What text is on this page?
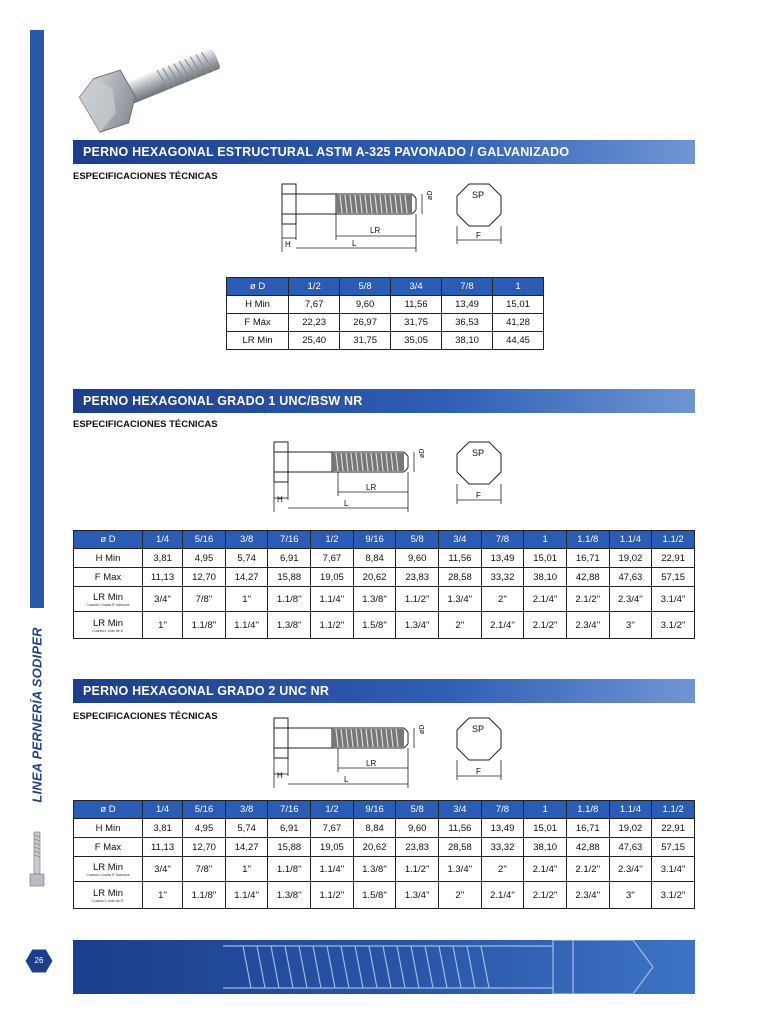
LINEA PERNERÍA SODIPER
PERNO HEXAGONAL ESTRUCTURAL ASTM A-325 PAVONADO / GALVANIZADO
ESPECIFICACIONES TÉCNICAS
H	L
LR
øD	SP
F
ø D	1/2	5/8	3/4	7/8	1
H Min	7,67	9,60	11,56	13,49	15,01
F Máx	22,23	26,97	31,75	36,53	41,28
LR Min	25,40	31,75	35,05	38,10	44,45
PERNO HEXAGONAL GRADO 1 UNC/BSW NR
ESPECIFICACIONES TÉCNICAS
H	L
LR
øD	SP
F
ø D	1/4	5/16	3/8	7/16	1/2	9/16	5/8	3/4	7/8	1	1.1/8	1.1/4	1.1/2
H Min	3,81	4,95	5,74	6,91	7,67	8,84	9,60	11,56	13,49	15,01	16,71	19,02	22,91
F Max	11,13	12,70	14,27	15,88	19,05	20,62	23,83	28,58	33,32	38,10	42,88	47,63	57,15
LR Min
Cuando L hasta 6" inclusive	3/4''	7/8''	1''	1.1/8''	1.1/4''	1.3/8''	1.1/2''	1.3/4''	2''	2.1/4''	2.1/2''	2.3/4''	3.1/4''
LR Min
Cuando L más de 6"	1''	1.1/8''	1.1/4''	1.3/8''	1.1/2''	1.5/8''	1.3/4''	2''	2.1/4''	2.1/2''	2.3/4''	3''	3.1/2''
PERNO HEXAGONAL GRADO 2 UNC NR
ESPECIFICACIONES TÉCNICAS
H	L
LR
øD	SP
F
ø D	1/4	5/16	3/8	7/16	1/2	9/16	5/8	3/4	7/8	1	1.1/8	1.1/4	1.1/2
H Min	3,81	4,95	5,74	6,91	7,67	8,84	9,60	11,56	13,49	15,01	16,71	19,02	22,91
F Max	11,13	12,70	14,27	15,88	19,05	20,62	23,83	28,58	33,32	38,10	42,88	47,63	57,15
LR Min
Cuando L hasta 6" inclusive	3/4''	7/8''	1''	1.1/8''	1.1/4''	1.3/8''	1.1/2''	1.3/4''	2''	2.1/4''	2.1/2''	2.3/4''	3.1/4''
LR Min
Cuando L más de 6"	1''	1.1/8''	1.1/4''	1.3/8''	1.1/2''	1.5/8''	1.3/4''	2''	2.1/4''	2.1/2''	2.3/4''	3''	3.1/2''
26
